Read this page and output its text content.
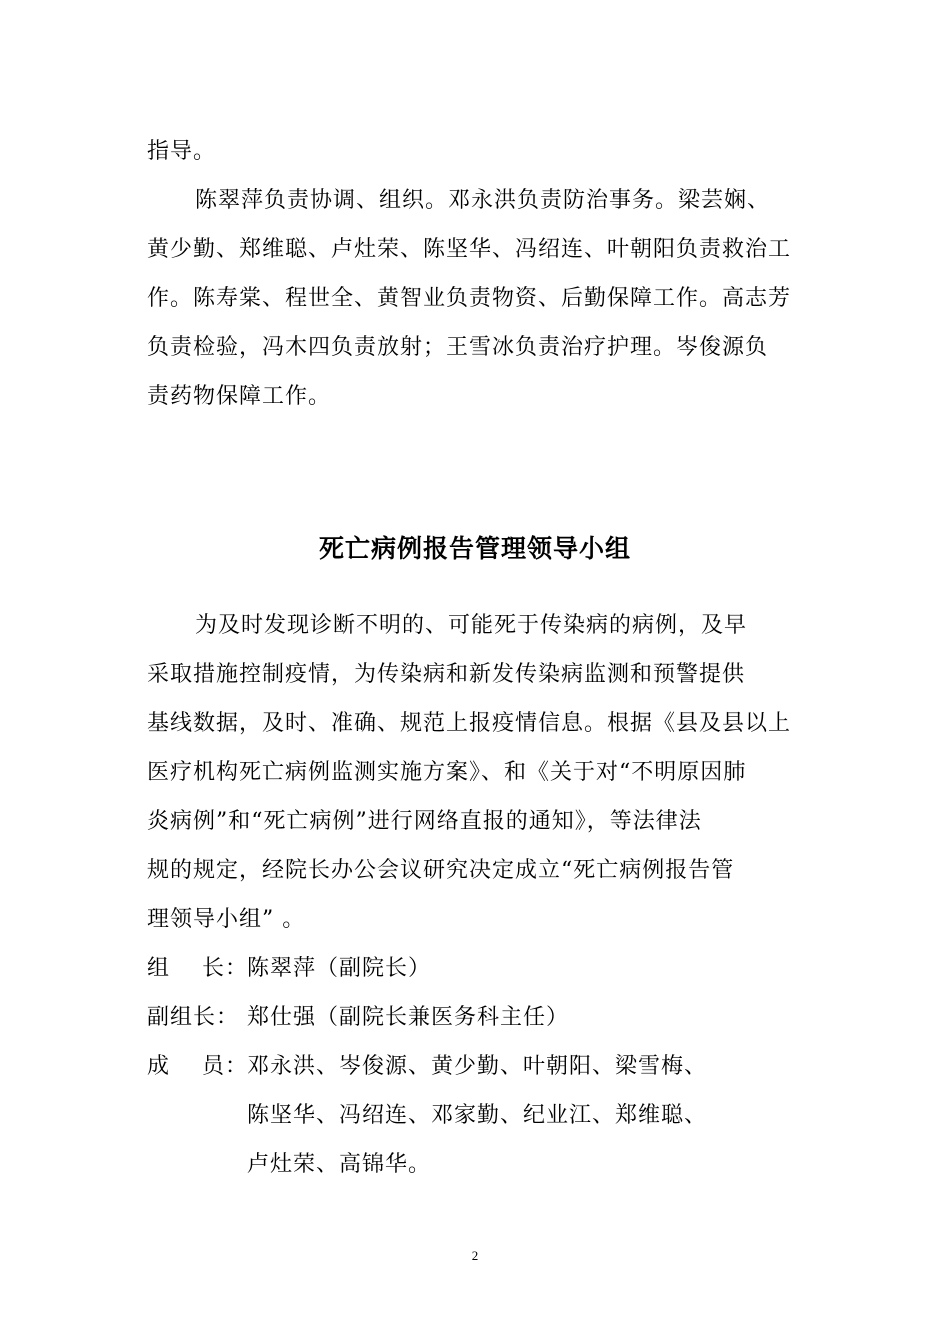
指导。
陈翠萍负责协调、组织。邓永洪负责防治事务。梁芸娴、
黄少勤、郑维聪、卢灶荣、陈坚华、冯绍连、叶朝阳负责救治工
作。陈寿棠、程世全、黄智业负责物资、后勤保障工作。高志芳
负责检验，冯木四负责放射；王雪冰负责治疗护理。岑俊源负
责药物保障工作。
死亡病例报告管理领导小组
为及时发现诊断不明的、可能死于传染病的病例，及早
采取措施控制疫情，为传染病和新发传染病监测和预警提供
基线数据，及时、准确、规范上报疫情信息。根据《县及县以上
医疗机构死亡病例监测实施方案》、和《关于对“不明原因肺
炎病例”和“死亡病例”进行网络直报的通知》，等法律法
规的规定，经院长办公会议研究决定成立“死亡病例报告管
理领导小组” 。
组    长： 陈翠萍（副院长）
副组长： 郑仕强（副院长兼医务科主任）
成    员： 邓永洪、岑俊源、黄少勤、叶朝阳、梁雪梅、
陈坚华、冯绍连、邓家勤、纪业江、郑维聪、
卢灶荣、高锦华。
2
